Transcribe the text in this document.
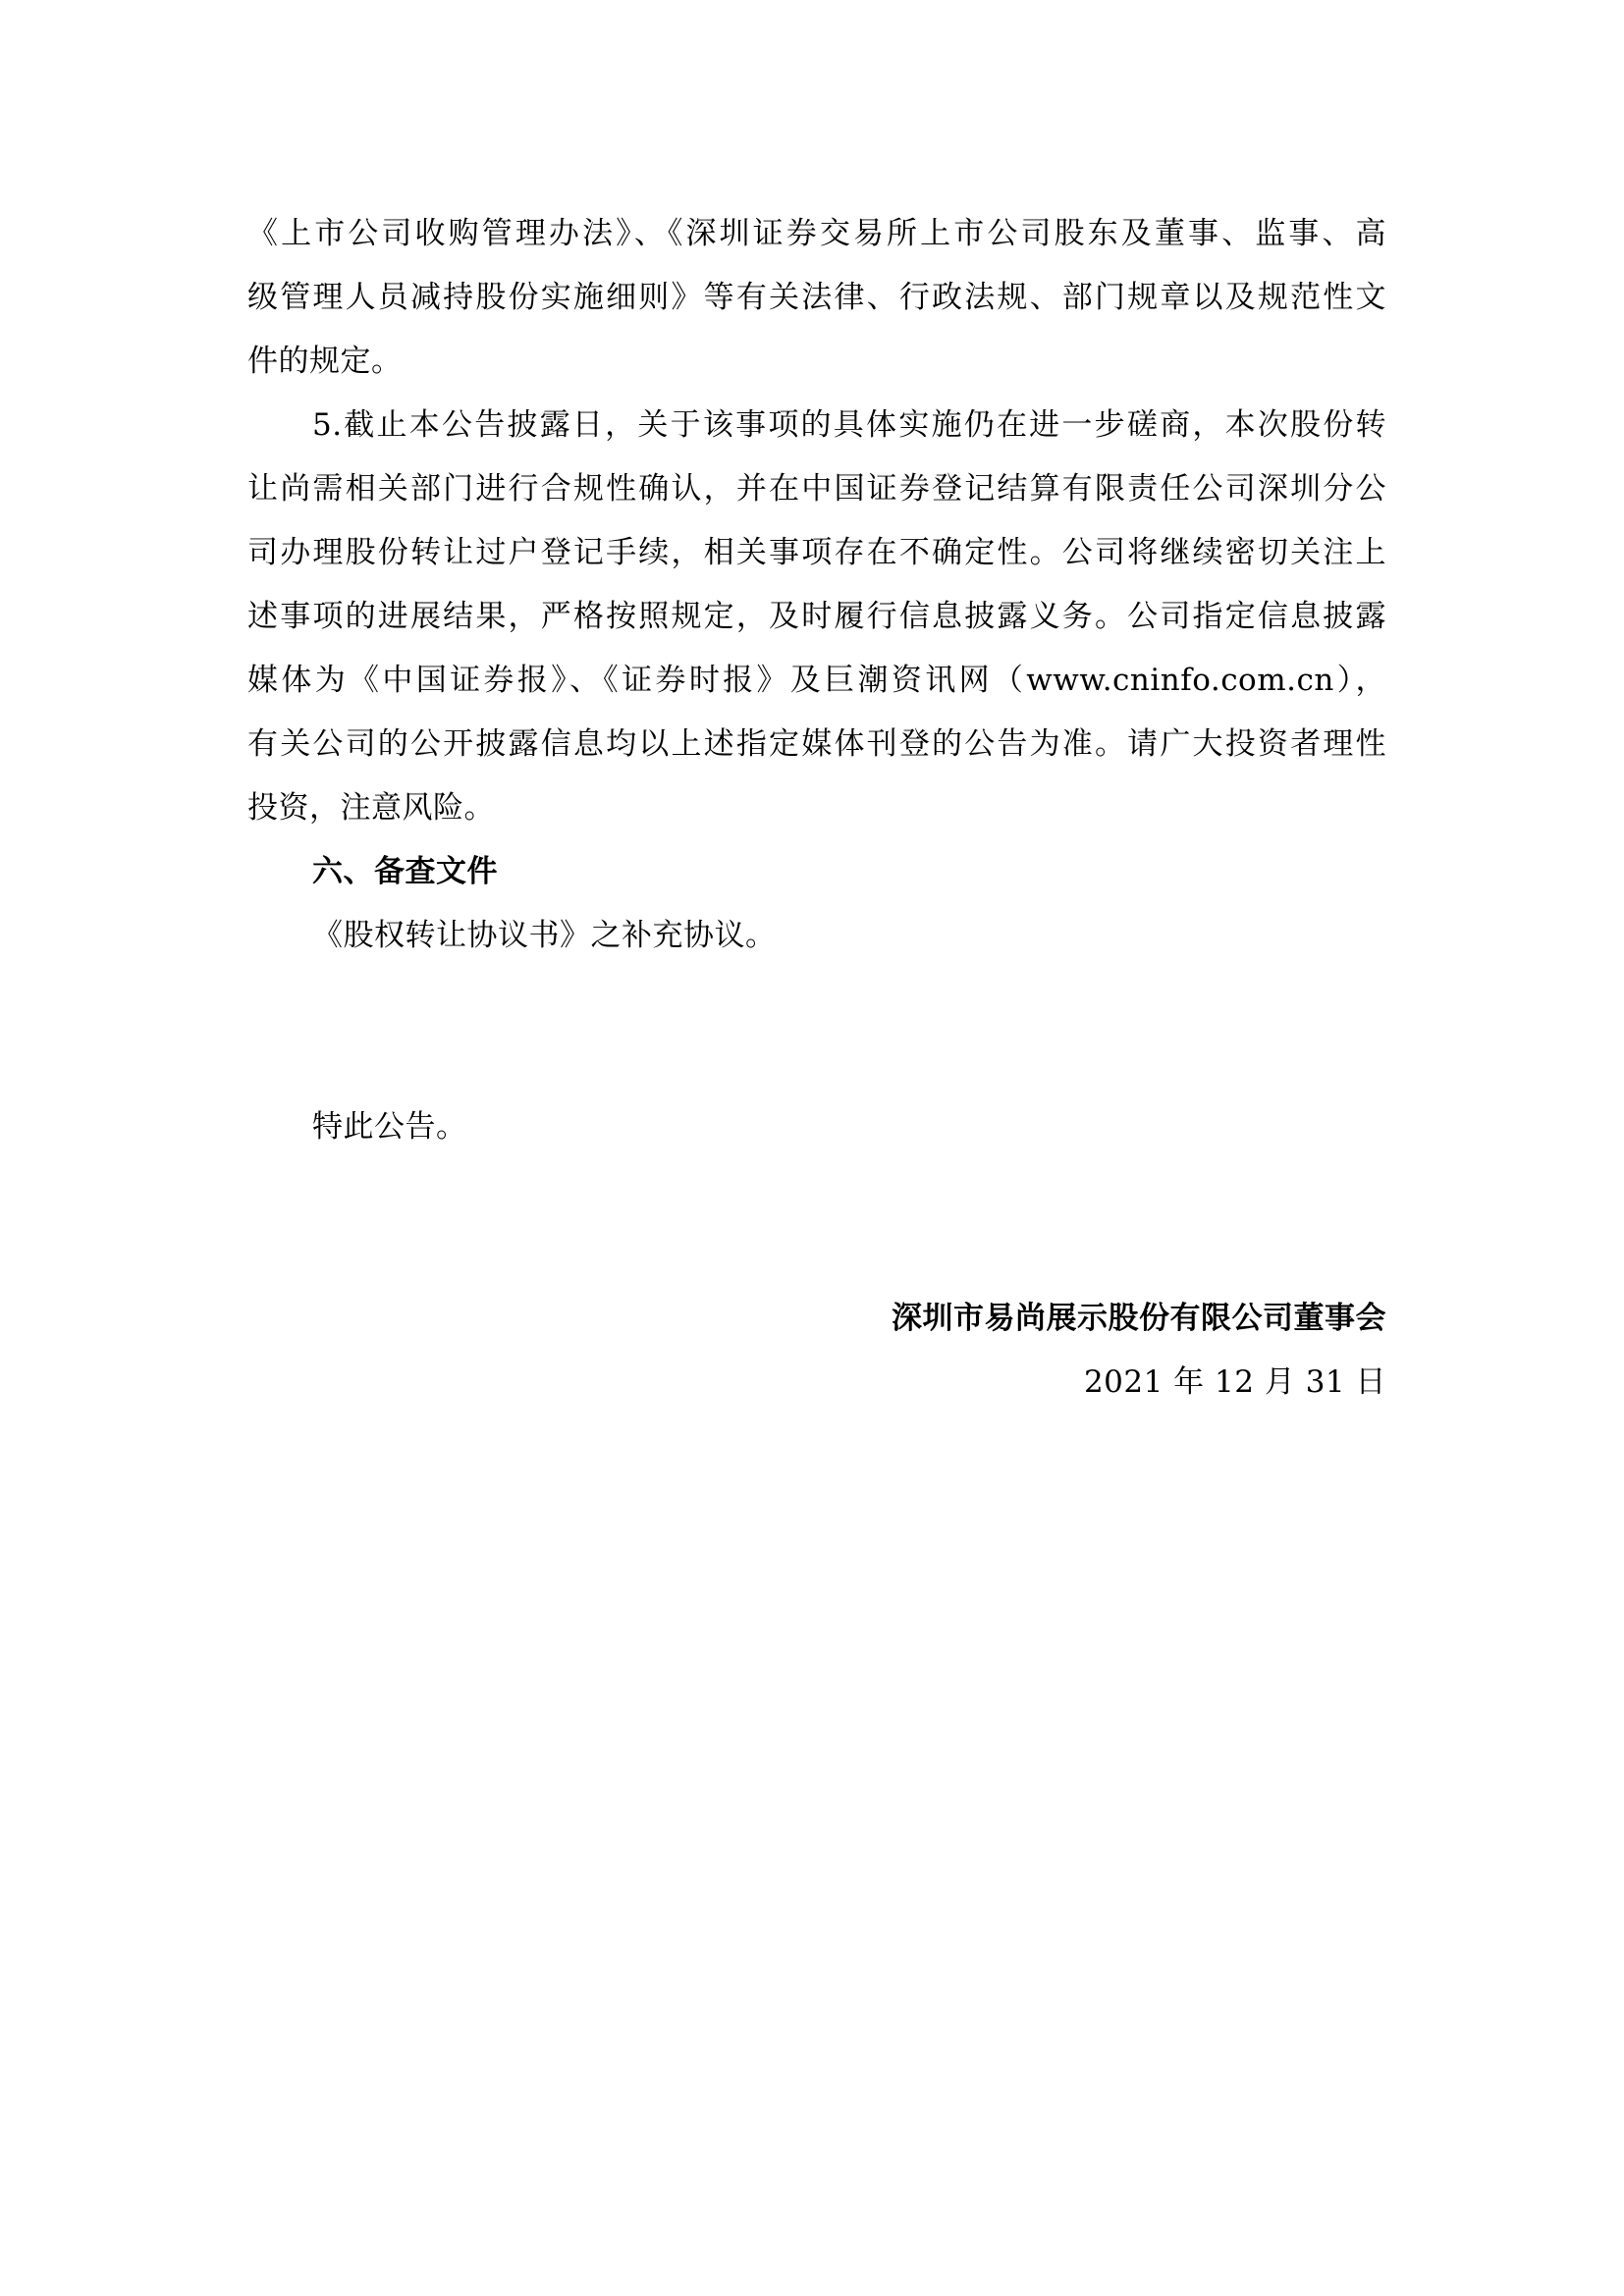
《上市公司收购管理办法》、《深圳证券交易所上市公司股东及董事、监事、高
级管理人员减持股份实施细则》等有关法律、行政法规、部门规章以及规范性文
件的规定。
5.截止本公告披露日，关于该事项的具体实施仍在进一步磋商，本次股份转
让尚需相关部门进行合规性确认，并在中国证券登记结算有限责任公司深圳分公
司办理股份转让过户登记手续，相关事项存在不确定性。公司将继续密切关注上
述事项的进展结果，严格按照规定，及时履行信息披露义务。公司指定信息披露
媒体为《中国证券报》、《证券时报》及巨潮资讯网（www.cninfo.com.cn），
有关公司的公开披露信息均以上述指定媒体刊登的公告为准。请广大投资者理性
投资，注意风险。
六、备查文件
《股权转让协议书》之补充协议。
特此公告。
深圳市易尚展示股份有限公司董事会
2021 年 12 月 31 日
